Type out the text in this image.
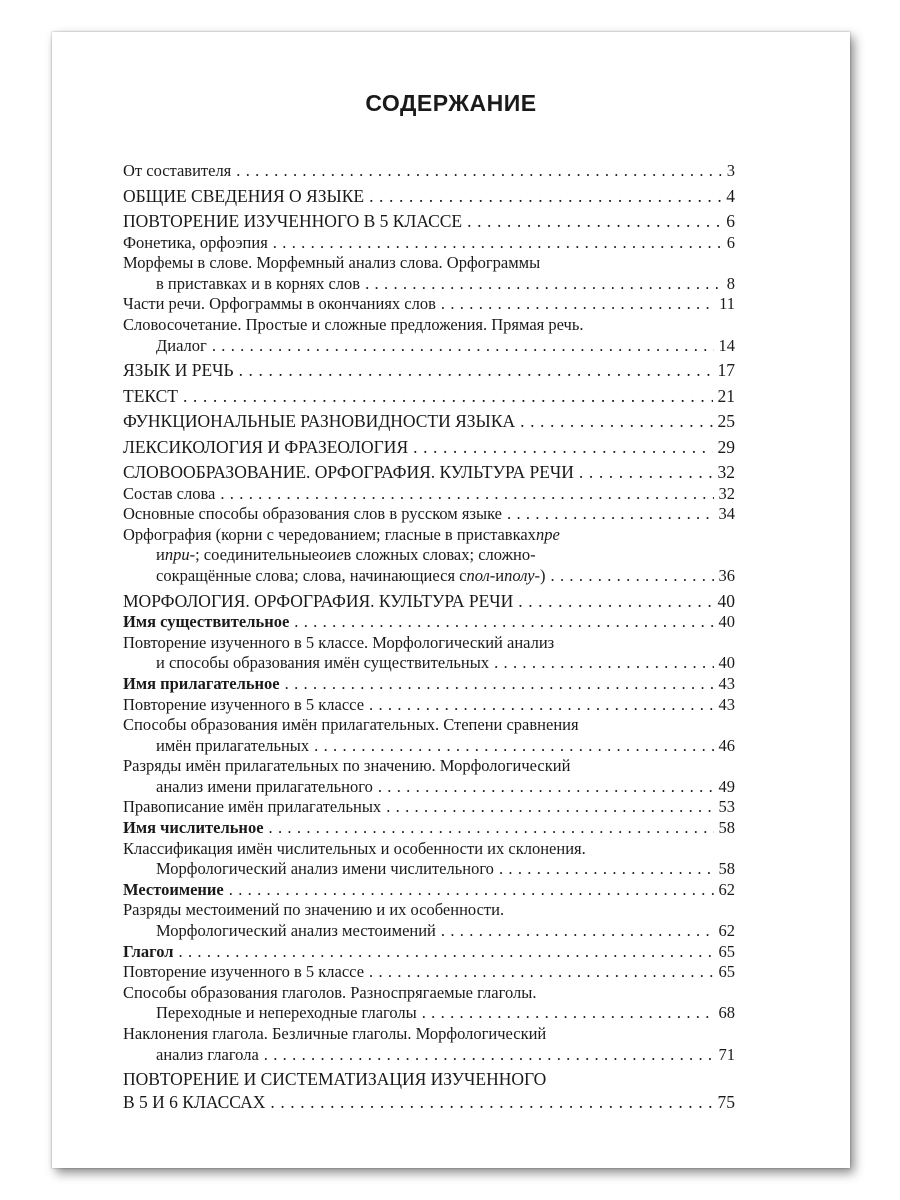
СОДЕРЖАНИЕ
От составителя . . .	3
ОБЩИЕ СВЕДЕНИЯ О ЯЗЫКЕ . . .	4
ПОВТОРЕНИЕ ИЗУЧЕННОГО В 5 КЛАССЕ . . .	6
Фонетика, орфоэпия . . .	6
Морфемы в слове. Морфемный анализ слова. Орфограммы
в приставках и в корнях слов . . .	8
Части речи. Орфограммы в окончаниях слов . . .	11
Словосочетание. Простые и сложные предложения. Прямая речь.
Диалог . . .	14
ЯЗЫК И РЕЧЬ . . .	17
ТЕКСТ . . .	21
ФУНКЦИОНАЛЬНЫЕ РАЗНОВИДНОСТИ ЯЗЫКА . . .	25
ЛЕКСИКОЛОГИЯ И ФРАЗЕОЛОГИЯ . . .	29
СЛОВООБРАЗОВАНИЕ. ОРФОГРАФИЯ. КУЛЬТУРА РЕЧИ . . .	32
Состав слова . . .	32
Основные способы образования слов в русском языке . . .	34
Орфография (корни с чередованием; гласные в приставках пре
и при- ; соединительные о и е в сложных словах; сложно-
сокращённые слова; слова, начинающиеся с пол- и полу- ) . . .	36
МОРФОЛОГИЯ. ОРФОГРАФИЯ. КУЛЬТУРА РЕЧИ . . .	40
Имя существительное . . .	40
Повторение изученного в 5 классе. Морфологический анализ
и способы образования имён существительных . . .	40
Имя прилагательное . . .	43
Повторение изученного в 5 классе . . .	43
Способы образования имён прилагательных. Степени сравнения
имён прилагательных . . .	46
Разряды имён прилагательных по значению. Морфологический
анализ имени прилагательного . . .	49
Правописание имён прилагательных . . .	53
Имя числительное . . .	58
Классификация имён числительных и особенности их склонения.
Морфологический анализ имени числительного . . .	58
Местоимение . . .	62
Разряды местоимений по значению и их особенности.
Морфологический анализ местоимений . . .	62
Глагол . . .	65
Повторение изученного в 5 классе . . .	65
Способы образования глаголов. Разноспрягаемые глаголы.
Переходные и непереходные глаголы . . .	68
Наклонения глагола. Безличные глаголы. Морфологический
анализ глагола . . .	71
ПОВТОРЕНИЕ И СИСТЕМАТИЗАЦИЯ ИЗУЧЕННОГО
В 5 И 6 КЛАССАХ . . .	75
